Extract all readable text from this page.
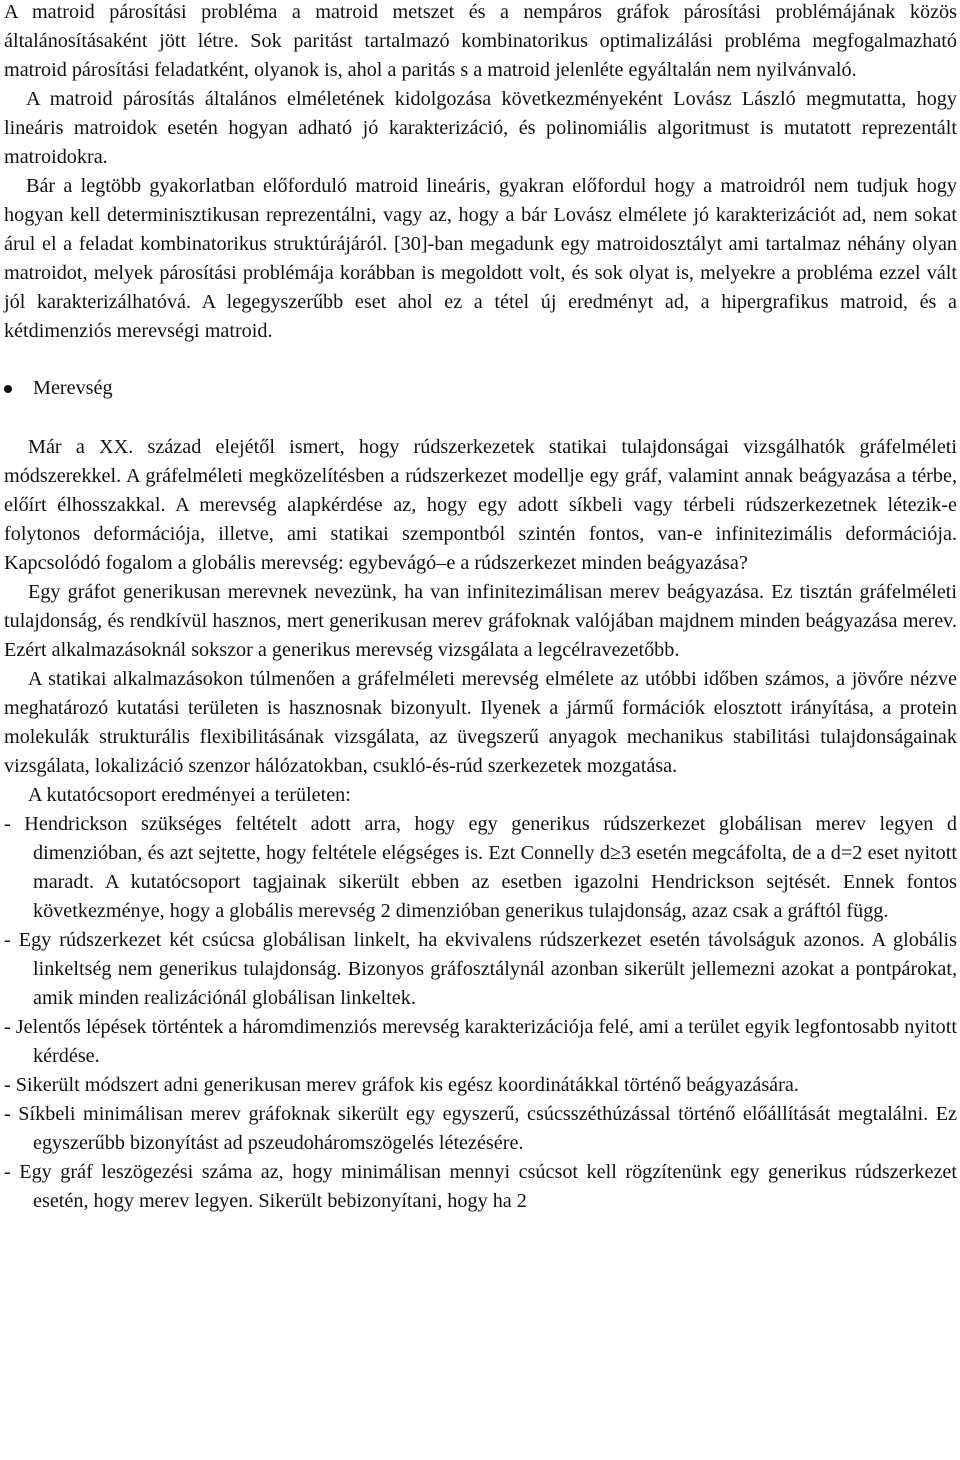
A matroid párosítási probléma a matroid metszet és a nempáros gráfok párosítási problémájának közös általánosításaként jött létre. Sok paritást tartalmazó kombinatorikus optimalizálási probléma megfogalmazható matroid párosítási feladatként, olyanok is, ahol a paritás s a matroid jelenléte egyáltalán nem nyilvánvaló.

A matroid párosítás általános elméletének kidolgozása következményeként Lovász László megmutatta, hogy lineáris matroidok esetén hogyan adható jó karakterizáció, és polinomiális algoritmust is mutatott reprezentált matroidokra.

Bár a legtöbb gyakorlatban előforduló matroid lineáris, gyakran előfordul hogy a matroidról nem tudjuk hogy hogyan kell determinisztikusan reprezentálni, vagy az, hogy a bár Lovász elmélete jó karakterizációt ad, nem sokat árul el a feladat kombinatorikus struktúrájáról. [30]-ban megadunk egy matroidosztályt ami tartalmaz néhány olyan matroidot, melyek párosítási problémája korábban is megoldott volt, és sok olyat is, melyekre a probléma ezzel vált jól karakterizálhatóvá. A legegyszerűbb eset ahol ez a tétel új eredményt ad, a hipergrafikus matroid, és a kétdimenziós merevségi matroid.

Merevség

Már a XX. század elejétől ismert, hogy rúdszerkezetek statikai tulajdonságai vizsgálhatók gráfelméleti módszerekkel. A gráfelméleti megközelítésben a rúdszerkezet modellje egy gráf, valamint annak beágyazása a térbe, előírt élhosszakkal. A merevség alapkérdése az, hogy egy adott síkbeli vagy térbeli rúdszerkezetnek létezik-e folytonos deformációja, illetve, ami statikai szempontból szintén fontos, van-e infinitezimális deformációja. Kapcsolódó fogalom a globális merevség: egybevágó–e a rúdszerkezet minden beágyazása?

Egy gráfot generikusan merevnek nevezünk, ha van infinitezimálisan merev beágyazása. Ez tisztán gráfelméleti tulajdonság, és rendkívül hasznos, mert generikusan merev gráfoknak valójában majdnem minden beágyazása merev. Ezért alkalmazásoknál sokszor a generikus merevség vizsgálata a legcélravezetőbb.

A statikai alkalmazásokon túlmenően a gráfelméleti merevség elmélete az utóbbi időben számos, a jövőre nézve meghatározó kutatási területen is hasznosnak bizonyult. Ilyenek a jármű formációk elosztott irányítása, a protein molekulák strukturális flexibilitásának vizsgálata, az üvegszerű anyagok mechanikus stabilitási tulajdonságainak vizsgálata, lokalizáció szenzor hálózatokban, csukló-és-rúd szerkezetek mozgatása.

A kutatócsoport eredményei a területen:

- Hendrickson szükséges feltételt adott arra, hogy egy generikus rúdszerkezet globálisan merev legyen d dimenzióban, és azt sejtette, hogy feltétele elégséges is. Ezt Connelly d≥3 esetén megcáfolta, de a d=2 eset nyitott maradt. A kutatócsoport tagjainak sikerült ebben az esetben igazolni Hendrickson sejtését. Ennek fontos következménye, hogy a globális merevség 2 dimenzióban generikus tulajdonság, azaz csak a gráftól függ.

- Egy rúdszerkezet két csúcsa globálisan linkelt, ha ekvivalens rúdszerkezet esetén távolságuk azonos. A globális linkeltség nem generikus tulajdonság. Bizonyos gráfosztálynál azonban sikerült jellemezni azokat a pontpárokat, amik minden realizációnál globálisan linkeltek.

- Jelentős lépések történtek a háromdimenziós merevség karakterizációja felé, ami a terület egyik legfontosabb nyitott kérdése.

- Sikerült módszert adni generikusan merev gráfok kis egész koordinátákkal történő beágyazására.

- Síkbeli minimálisan merev gráfoknak sikerült egy egyszerű, csúcsszéthúzással történő előállítását megtalálni. Ez egyszerűbb bizonyítást ad pszeudoháromszögelés létezésére.

- Egy gráf leszögezési száma az, hogy minimálisan mennyi csúcsot kell rögzítenünk egy generikus rúdszerkezet esetén, hogy merev legyen. Sikerült bebizonyítani, hogy ha 2
